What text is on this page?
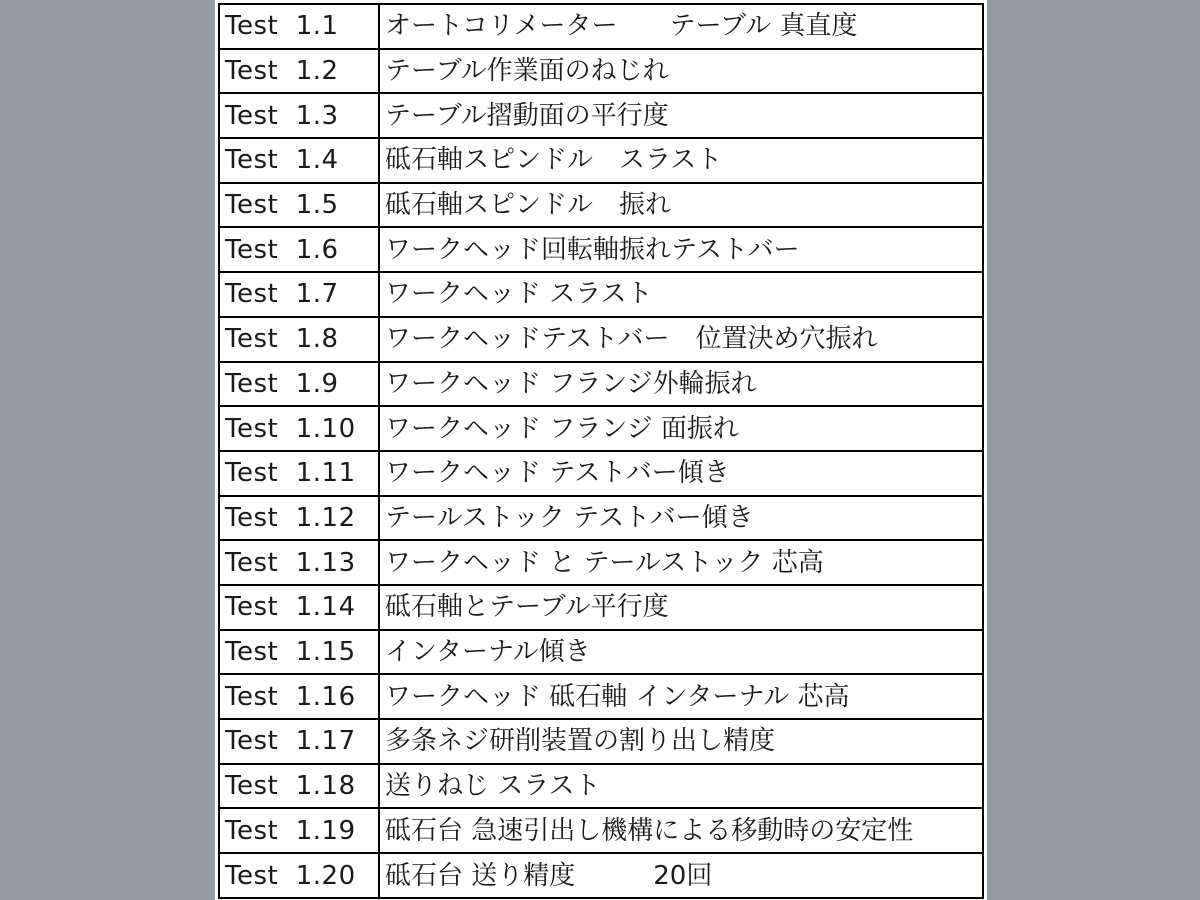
Test  1.1	オートコリメーター　　テーブル 真直度
Test  1.2	テーブル作業面のねじれ
Test  1.3	テーブル摺動面の平行度
Test  1.4	砥石軸スピンドル　スラスト
Test  1.5	砥石軸スピンドル　振れ
Test  1.6	ワークヘッド回転軸振れテストバー
Test  1.7	ワークヘッド スラスト
Test  1.8	ワークヘッドテストバー　位置決め穴振れ
Test  1.9	ワークヘッド フランジ外輪振れ
Test  1.10	ワークヘッド フランジ 面振れ
Test  1.11	ワークヘッド テストバー傾き
Test  1.12	テールストック テストバー傾き
Test  1.13	ワークヘッド と テールストック 芯高
Test  1.14	砥石軸とテーブル平行度
Test  1.15	インターナル傾き
Test  1.16	ワークヘッド 砥石軸 インターナル 芯高
Test  1.17	多条ネジ研削装置の割り出し精度
Test  1.18	送りねじ スラスト
Test  1.19	砥石台 急速引出し機構による移動時の安定性
Test  1.20	砥石台 送り精度　　　20回
